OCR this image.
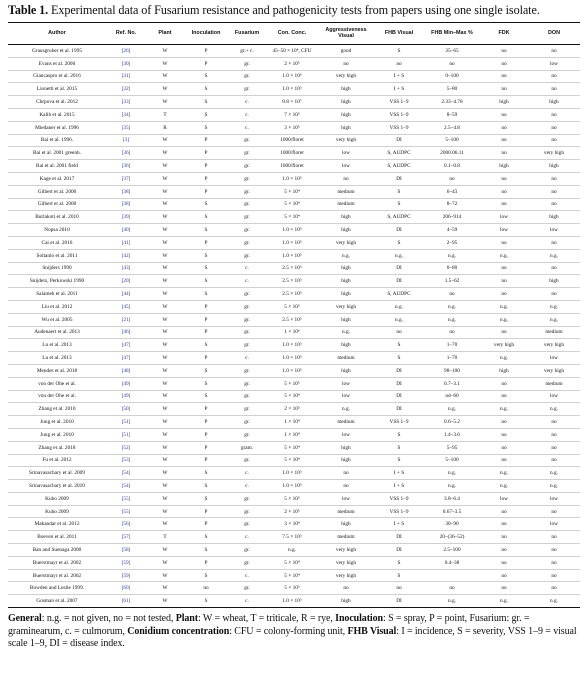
Table 1. Experimental data of Fusarium resistance and pathogenicity tests from papers using one single isolate.
Author	Ref. No.	Plant	Inoculation	Fusarium	Con. Conc.	Aggressiveness Visual	FHB Visual	FHB Min–Max %	FDK	DON
Grausgruber et al. 1995	[26]	W	P	gr.+ c.	45–50 × 10⁴, CFU	good	S	35–65	no	no
Evans et al. 2000	[30]	W	P	gr.	2 × 10⁵	no	no	no	no	low
Giancaspro et al. 2016	[31]	W	S	gr.	1.0 × 10⁶	very high	I + S	0–100	no	no
Lionetti et al. 2015	[32]	W	S	gr.	1.0 × 10⁵	high	I + S	5–80	no	no
Chrpova et al. 2012	[33]	W	S	c.	0.8 × 10⁷	high	VSS 1–9	2.33–4.78	high	high
Kalih et al. 2015	[34]	T	S	c.	7 × 10⁵	high	VSS 1–9	8–59	no	no
Miedaner et al. 1996	[35]	R	S	c.	3 × 10⁵	high	VSS 1–9	2.5–4.8	no	no
Bai et al. 1996.	[3]	W	P	gr.	1000/floret	very high	DI	5–100	no	no
Bai et al. 2001 greenh.	[36]	W	P	gr.	1000/floret	low	S, AUDPC	2000.06.11	no	very high
Bai et al. 2001 field	[36]	W	P	gr.	1000/floret	low	S, AUDPC	0.1–0.8	high	high
Kage et al. 2017	[37]	W	P	gr.	1.0 × 10⁵	no	DI	no	no	no
Gilbert et al. 2000	[38]	W	P	gr.	5 × 10⁴	medium	S	6–43	no	no
Gilbert et al. 2000	[38]	W	S	gr.	5 × 10⁴	medium	S	8–72	no	no
Burlakoti et al. 2010	[39]	W	S	gr.	5 × 10⁴	high	S, AUDPC	206–914	low	high
Nopsa 2010	[40]	W	S	gr.	1.0 × 10⁵	high	DI	4–59	low	low
Cai et al. 2016	[41]	W	P	gr.	1.0 × 10⁵	very high	S	2–95	no	no
Soltanlo et al. 2011	[42]	W	S	gr.	1.0 × 10⁵	n.g.	n.g.	n.g.	n.g.	n.g.
Snijders 1990	[43]	W	S	c.	2.5 × 10⁵	high	DI	0–80	no	no
Snijders, Perkowski 1990	[20]	W	S	c.	2.5 × 10⁵	high	DI	1.5–62	no	high
Salameh et al. 2011	[44]	W	S	gr.	2.5 × 10⁵	high	S, AUDPC	no	no	no
Liu et al. 2012	[45]	W	P	gr.	5 × 10⁵	very high	n.g.	n.g.	n.g.	n.g.
Wu et al. 2005	[21]	W	P	gr.	2.5 × 10⁵	high	n.g.	n.g.	n.g.	n.g.
Audenaert et al. 2013	[46]	W	P	gr.	1 × 10⁶	n.g.	no	no	no	medium
Lu et al. 2013	[47]	W	S	gr.	1.0 × 10⁵	high	S	1–70	very high	very high
Lu et al. 2013	[47]	W	P	c.	1.0 × 10⁵	medium	S	1–70	n.g.	low
Mendes et al. 2018	[48]	W	S	gr.	1.0 × 10⁵	high	DI	98–100	high	very high
von der Ohe et al.	[49]	W	S	gr.	5 × 10⁵	low	DI	0.7–3.1	no	medium
von der Ohe et al.	[49]	W	S	gr.	5 × 10⁴	low	DI	nd–60	no	low
Zhang et al. 2010	[50]	W	P	gr.	2 × 10⁵	n.g.	DI	n.g.	n.g.	n.g.
Jung et al. 2010	[51]	W	P	gr.	1 × 10⁴	medium	VSS 1–9	0.6–5.2	no	no
Jung et al. 2010	[51]	W	P	gr.	1 × 10⁴	low	S	1.4–3.6	no	no
Zhang et al. 2018	[52]	W	P	gram.	5 × 10⁴	high	S	5–95	no	no
Fu et al. 2012	[53]	W	P	gr.	5 × 10⁴	high	S	5–100	no	no
Srinavasachary et al. 2009	[54]	W	S	c.	1.0 × 10⁵	no	I + S	n.g.	n.g.	n.g.
Srinavasachary et al. 2010	[54]	W	S	c.	1.0 × 10⁵	no	I + S	n.g.	n.g.	n.g.
Kubo 2009	[55]	W	S	gr.	5 × 10⁵	low	VSS 1–9	3.8–6.4	low	low
Kubo 2009	[55]	W	P	gr.	2 × 10⁵	medium	VSS 1–9	0.67–3.5	no	no
Makandar et al. 2012	[56]	W	P	gr.	3 × 10⁴	high	I + S	30–90	no	low
Boeven et al. 2011	[57]	T	S	c.	7.5 × 10⁵	medium	DI	20–(36–52)	no	no
Ban and Suenaga 2000	[58]	W	S	gr.	n.g.	very high	DI	2.5–100	no	no
Buerstmayr et al. 2002	[59]	W	P	gr.	5 × 10⁴	very high	S	0.4–38	no	no
Buerstmayr et al. 2002	[59]	W	S	c.	5 × 10⁴	very high	S		no	no
Bowden and Leslie 1999.	[60]	W	no	gr.	5 × 10⁵	no	no	no	no	no
Gosman et al. 2007	[61]	W	S	c.	1.0 × 10⁵	high	DI	n.g.	n.g.	n.g.
General: n.g. = not given, no = not tested, Plant: W = wheat, T = triticale, R = rye, Inoculation: S = spray, P = point, Fusarium: gr. = graminearum, c. = culmorum, Conidium concentration: CFU = colony-forming unit, FHB Visual: I = incidence, S = severity, VSS 1–9 = visual scale 1–9, DI = disease index.
